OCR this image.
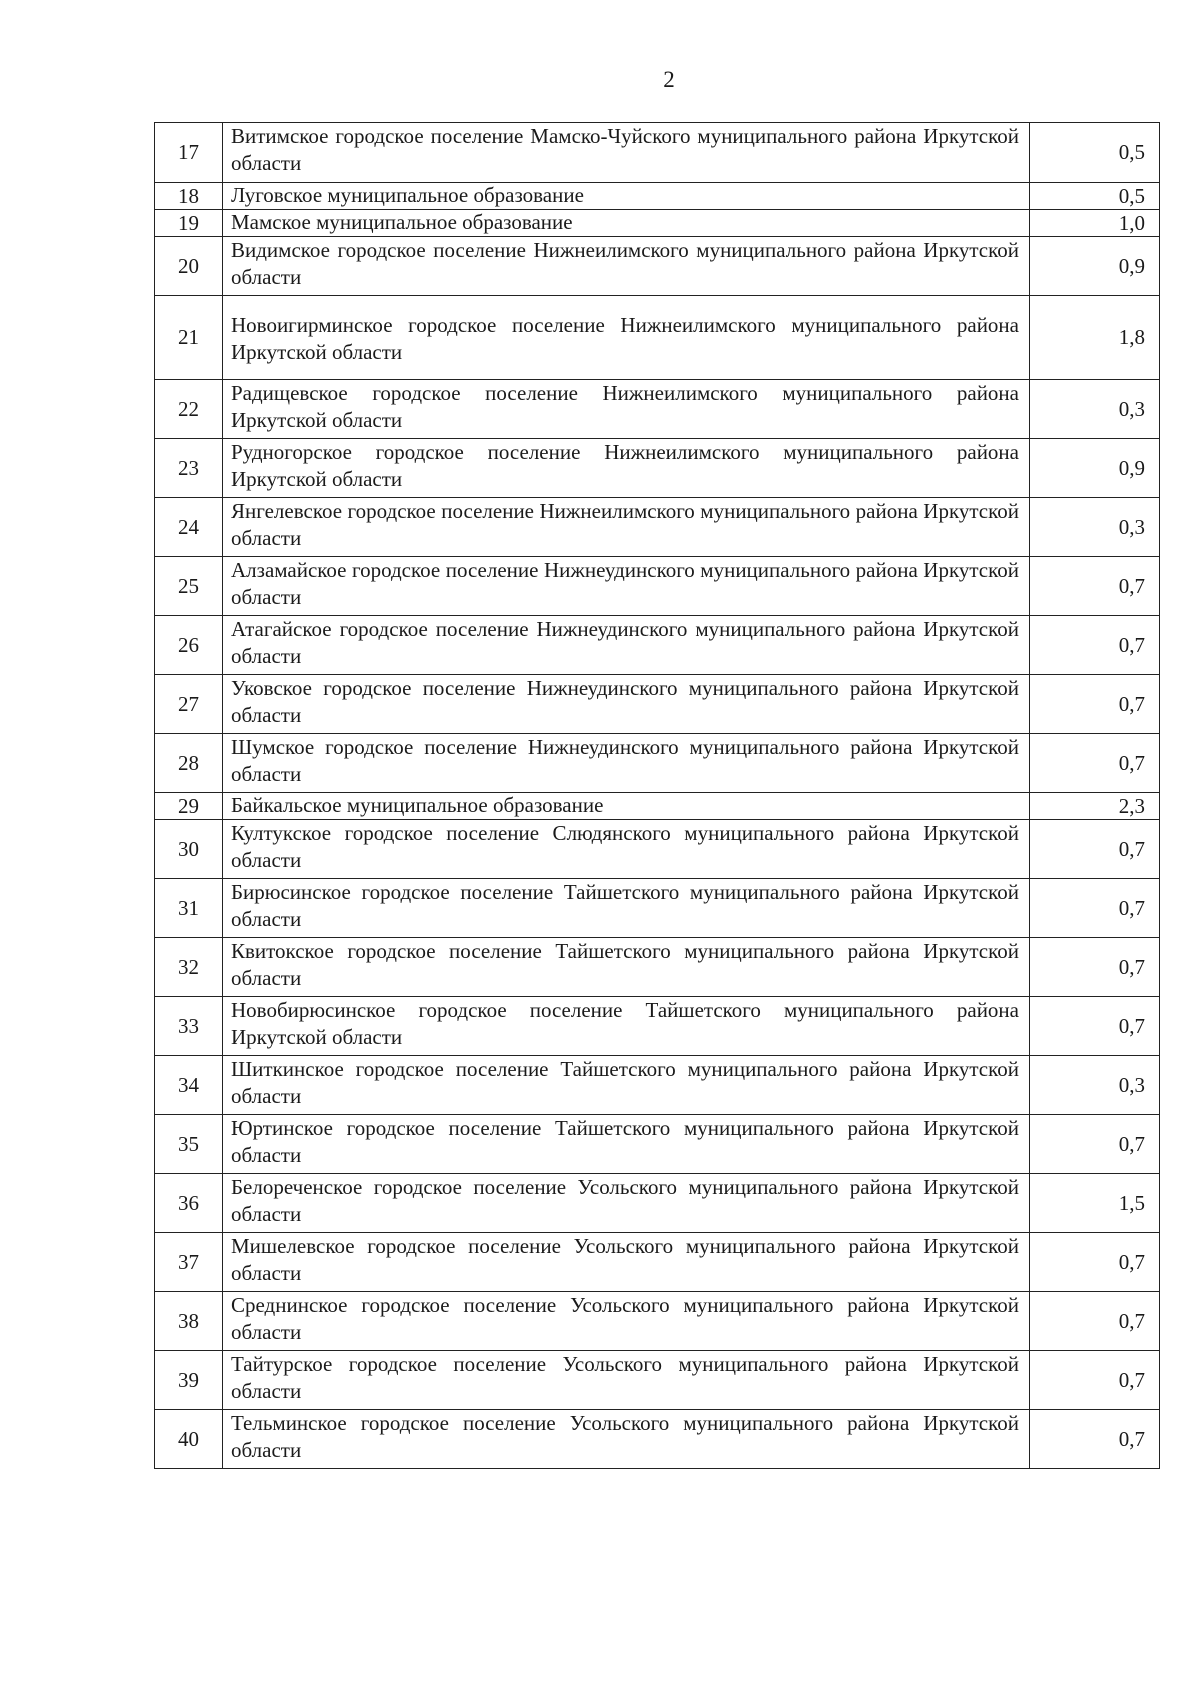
2
17	Витимское городское поселение Мамско-Чуйского муниципального района Иркутской области	0,5
18	Луговское муниципальное образование	0,5
19	Мамское муниципальное образование	1,0
20	Видимское городское поселение Нижнеилимского муниципального района Иркутской области	0,9
21	Новоигирминское городское поселение Нижнеилимского муниципального района Иркутской области	1,8
22	Радищевское городское поселение Нижнеилимского муниципального района Иркутской области	0,3
23	Рудногорское городское поселение Нижнеилимского муниципального района Иркутской области	0,9
24	Янгелевское городское поселение Нижнеилимского муниципального района Иркутской области	0,3
25	Алзамайское городское поселение Нижнеудинского муниципального района Иркутской области	0,7
26	Атагайское городское поселение Нижнеудинского муниципального района Иркутской области	0,7
27	Уковское городское поселение Нижнеудинского муниципального района Иркутской области	0,7
28	Шумское городское поселение Нижнеудинского муниципального района Иркутской области	0,7
29	Байкальское муниципальное образование	2,3
30	Култукское городское поселение Слюдянского муниципального района Иркутской области	0,7
31	Бирюсинское городское поселение Тайшетского муниципального района Иркутской области	0,7
32	Квитокское городское поселение Тайшетского муниципального района Иркутской области	0,7
33	Новобирюсинское городское поселение Тайшетского муниципального района Иркутской области	0,7
34	Шиткинское городское поселение Тайшетского муниципального района Иркутской области	0,3
35	Юртинское городское поселение Тайшетского муниципального района Иркутской области	0,7
36	Белореченское городское поселение Усольского муниципального района Иркутской области	1,5
37	Мишелевское городское поселение Усольского муниципального района Иркутской области	0,7
38	Среднинское городское поселение Усольского муниципального района Иркутской области	0,7
39	Тайтурское городское поселение Усольского муниципального района Иркутской области	0,7
40	Тельминское городское поселение Усольского муниципального района Иркутской области	0,7
